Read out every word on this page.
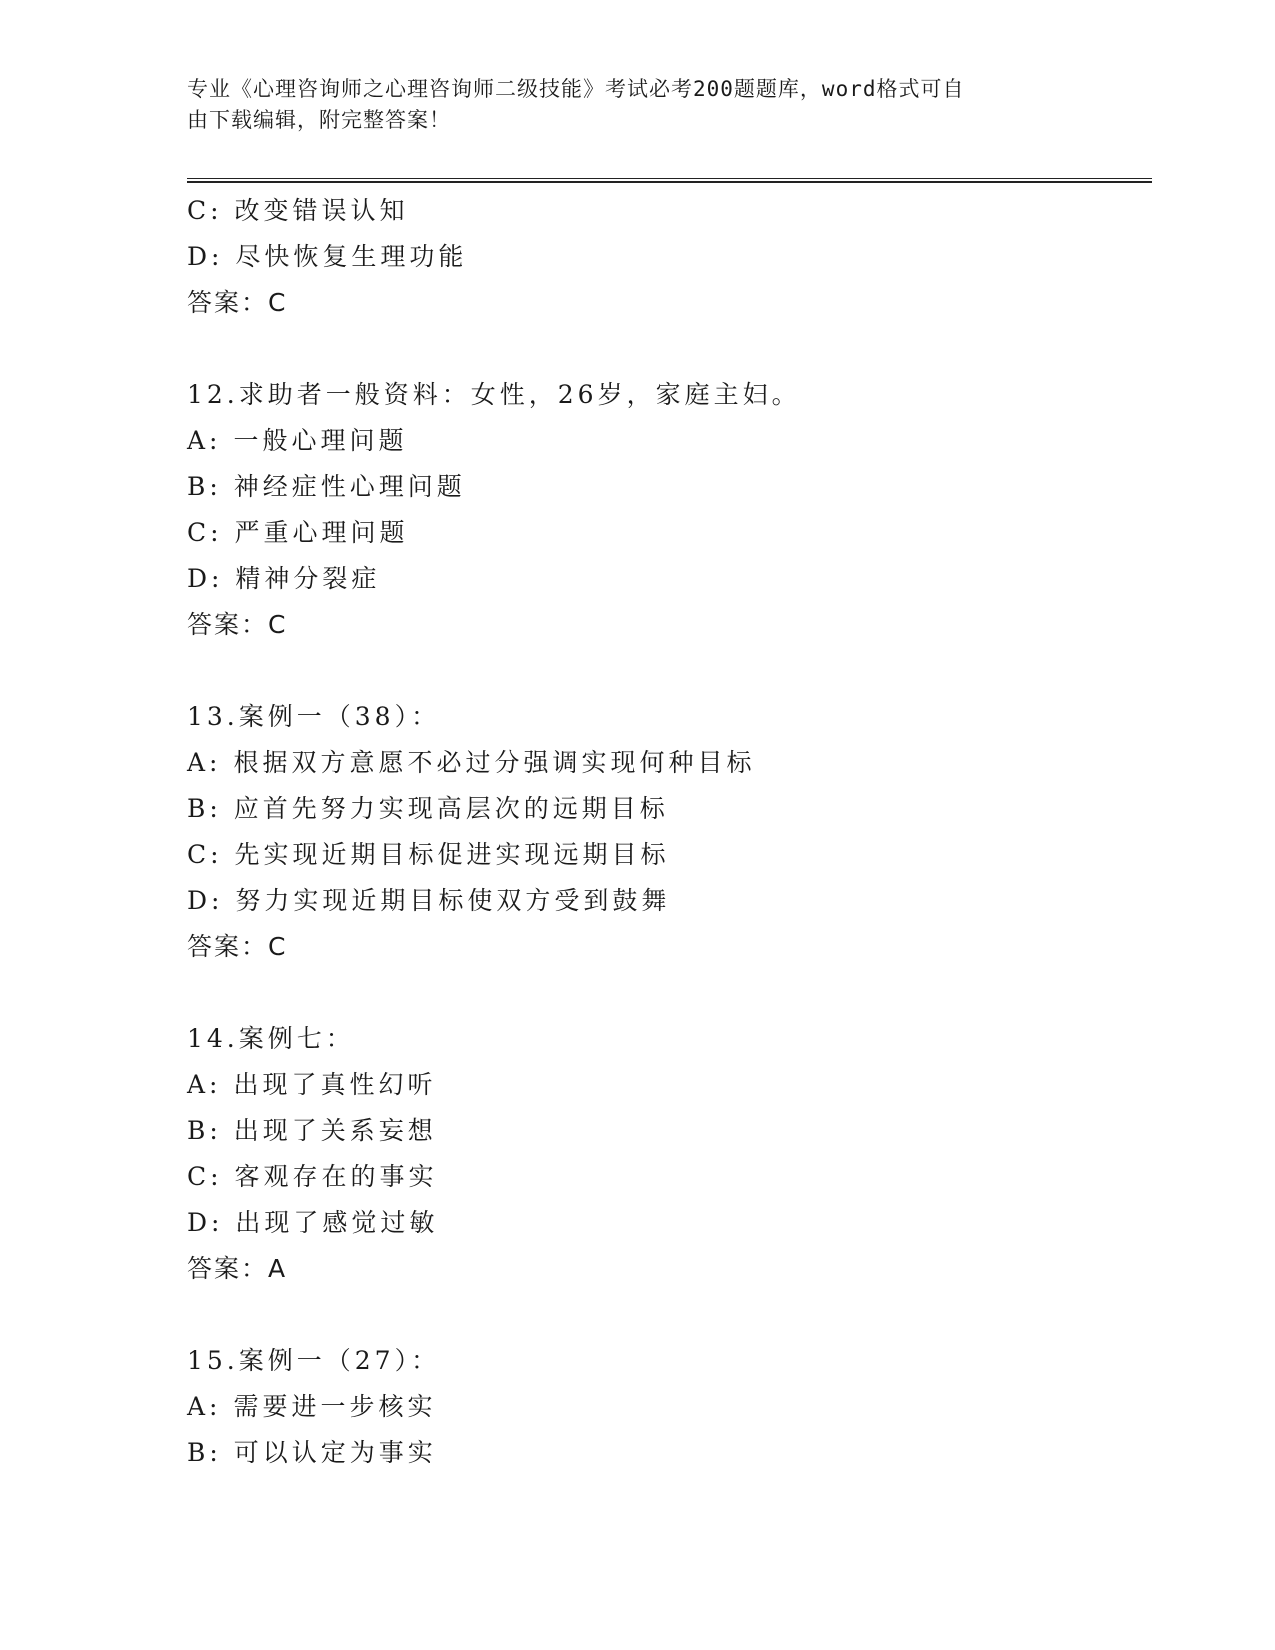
专业《心理咨询师之心理咨询师二级技能》考试必考200题题库，word格式可自
由下载编辑，附完整答案！
C: 改变错误认知
D: 尽快恢复生理功能
答案：C
12.求助者一般资料：女性，26岁，家庭主妇。
A: 一般心理问题
B: 神经症性心理问题
C: 严重心理问题
D: 精神分裂症
答案：C
13.案例一（38）：
A: 根据双方意愿不必过分强调实现何种目标
B: 应首先努力实现高层次的远期目标
C: 先实现近期目标促进实现远期目标
D: 努力实现近期目标使双方受到鼓舞
答案：C
14.案例七：
A: 出现了真性幻听
B: 出现了关系妄想
C: 客观存在的事实
D: 出现了感觉过敏
答案：A
15.案例一（27）：
A: 需要进一步核实
B: 可以认定为事实
